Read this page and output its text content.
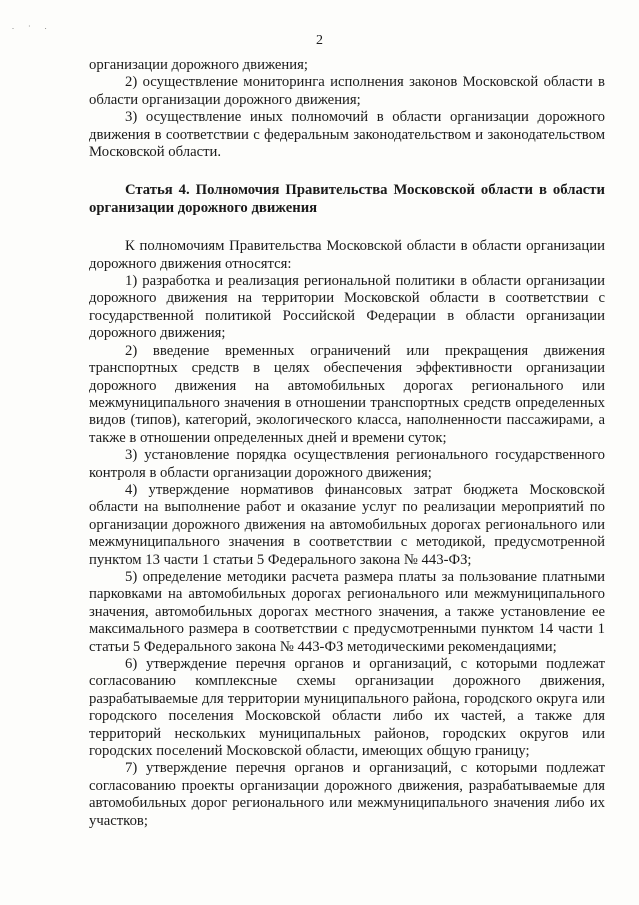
. · .
2

организации дорожного движения;

2) осуществление мониторинга исполнения законов Московской области в области организации дорожного движения;

3) осуществление иных полномочий в области организации дорожного движения в соответствии с федеральным законодательством и законодательством Московской области.

Статья 4. Полномочия Правительства Московской области в области организации дорожного движения

К полномочиям Правительства Московской области в области организации дорожного движения относятся:

1) разработка и реализация региональной политики в области организации дорожного движения на территории Московской области в соответствии с государственной политикой Российской Федерации в области организации дорожного движения;

2) введение временных ограничений или прекращения движения транспортных средств в целях обеспечения эффективности организации дорожного движения на автомобильных дорогах регионального или межмуниципального значения в отношении транспортных средств определенных видов (типов), категорий, экологического класса, наполненности пассажирами, а также в отношении определенных дней и времени суток;

3) установление порядка осуществления регионального государственного контроля в области организации дорожного движения;

4) утверждение нормативов финансовых затрат бюджета Московской области на выполнение работ и оказание услуг по реализации мероприятий по организации дорожного движения на автомобильных дорогах регионального или межмуниципального значения в соответствии с методикой, предусмотренной пунктом 13 части 1 статьи 5 Федерального закона № 443-ФЗ;

5) определение методики расчета размера платы за пользование платными парковками на автомобильных дорогах регионального или межмуниципального значения, автомобильных дорогах местного значения, а также установление ее максимального размера в соответствии с предусмотренными пунктом 14 части 1 статьи 5 Федерального закона № 443-ФЗ методическими рекомендациями;

6) утверждение перечня органов и организаций, с которыми подлежат согласованию комплексные схемы организации дорожного движения, разрабатываемые для территории муниципального района, городского округа или городского поселения Московской области либо их частей, а также для территорий нескольких муниципальных районов, городских округов или городских поселений Московской области, имеющих общую границу;

7) утверждение перечня органов и организаций, с которыми подлежат согласованию проекты организации дорожного движения, разрабатываемые для автомобильных дорог регионального или межмуниципального значения либо их участков;
